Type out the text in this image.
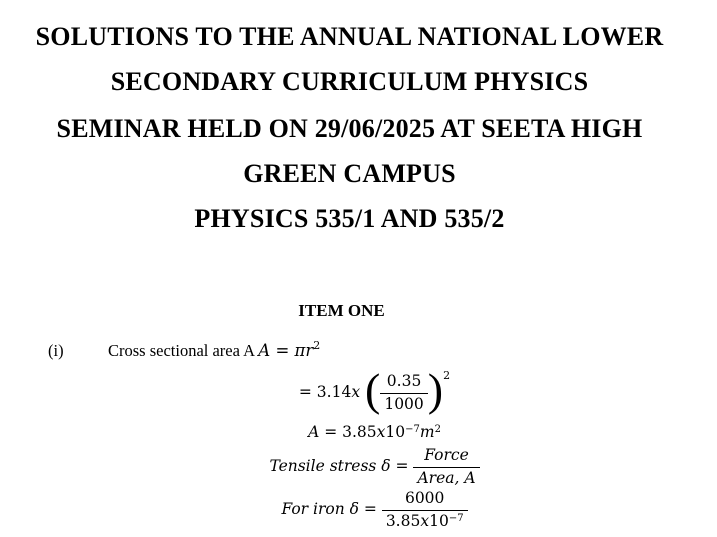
SOLUTIONS TO THE ANNUAL NATIONAL LOWER
SECONDARY CURRICULUM PHYSICS
SEMINAR HELD ON 29/06/2025 AT SEETA HIGH
GREEN CAMPUS
PHYSICS 535/1 AND 535/2
ITEM ONE
(i)	Cross sectional area A $A = \pi r^2$
= 3.14x ( $\frac{0.35}{1000} )^2$
$A = 3.85x10^{-7}m^2$
Tensile stress $\delta = \frac{\text{Force}}{\text{Area, A}}$
For iron $\delta = \frac{6000}{3.85x10^{-7}}$
